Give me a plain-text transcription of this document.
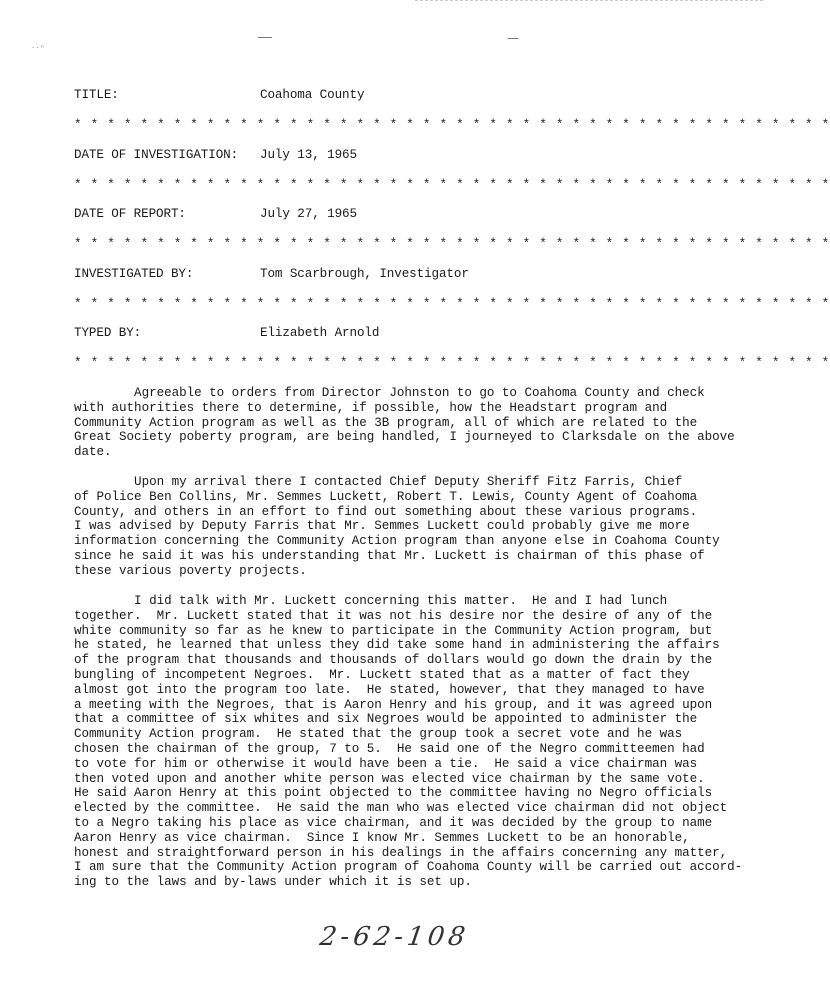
· · ⁿ
TITLE:	Coahoma County
* * * * * * * * * * * * * * * * * * * * * * * * * * * * * * * * * * * * * * * * * * * * * *
DATE OF INVESTIGATION:	July 13, 1965
* * * * * * * * * * * * * * * * * * * * * * * * * * * * * * * * * * * * * * * * * * * * * *
DATE OF REPORT:	July 27, 1965
* * * * * * * * * * * * * * * * * * * * * * * * * * * * * * * * * * * * * * * * * * * * * *
INVESTIGATED BY:	Tom Scarbrough, Investigator
* * * * * * * * * * * * * * * * * * * * * * * * * * * * * * * * * * * * * * * * * * * * * *
TYPED BY:	Elizabeth Arnold
* * * * * * * * * * * * * * * * * * * * * * * * * * * * * * * * * * * * * * * * * * * * * *

Agreeable to orders from Director Johnston to go to Coahoma County and check
with authorities there to determine, if possible, how the Headstart program and
Community Action program as well as the 3B program, all of which are related to the
Great Society poberty program, are being handled, I journeyed to Clarksdale on the above
date.

Upon my arrival there I contacted Chief Deputy Sheriff Fitz Farris, Chief
of Police Ben Collins, Mr. Semmes Luckett, Robert T. Lewis, County Agent of Coahoma
County, and others in an effort to find out something about these various programs.
I was advised by Deputy Farris that Mr. Semmes Luckett could probably give me more
information concerning the Community Action program than anyone else in Coahoma County
since he said it was his understanding that Mr. Luckett is chairman of this phase of
these various poverty projects.

I did talk with Mr. Luckett concerning this matter.  He and I had lunch
together.  Mr. Luckett stated that it was not his desire nor the desire of any of the
white community so far as he knew to participate in the Community Action program, but
he stated, he learned that unless they did take some hand in administering the affairs
of the program that thousands and thousands of dollars would go down the drain by the
bungling of incompetent Negroes.  Mr. Luckett stated that as a matter of fact they
almost got into the program too late.  He stated, however, that they managed to have
a meeting with the Negroes, that is Aaron Henry and his group, and it was agreed upon
that a committee of six whites and six Negroes would be appointed to administer the
Community Action program.  He stated that the group took a secret vote and he was
chosen the chairman of the group, 7 to 5.  He said one of the Negro committeemen had
to vote for him or otherwise it would have been a tie.  He said a vice chairman was
then voted upon and another white person was elected vice chairman by the same vote.
He said Aaron Henry at this point objected to the committee having no Negro officials
elected by the committee.  He said the man who was elected vice chairman did not object
to a Negro taking his place as vice chairman, and it was decided by the group to name
Aaron Henry as vice chairman.  Since I know Mr. Semmes Luckett to be an honorable,
honest and straightforward person in his dealings in the affairs concerning any matter,
I am sure that the Community Action program of Coahoma County will be carried out accord-
ing to the laws and by-laws under which it is set up.

2-62-108
